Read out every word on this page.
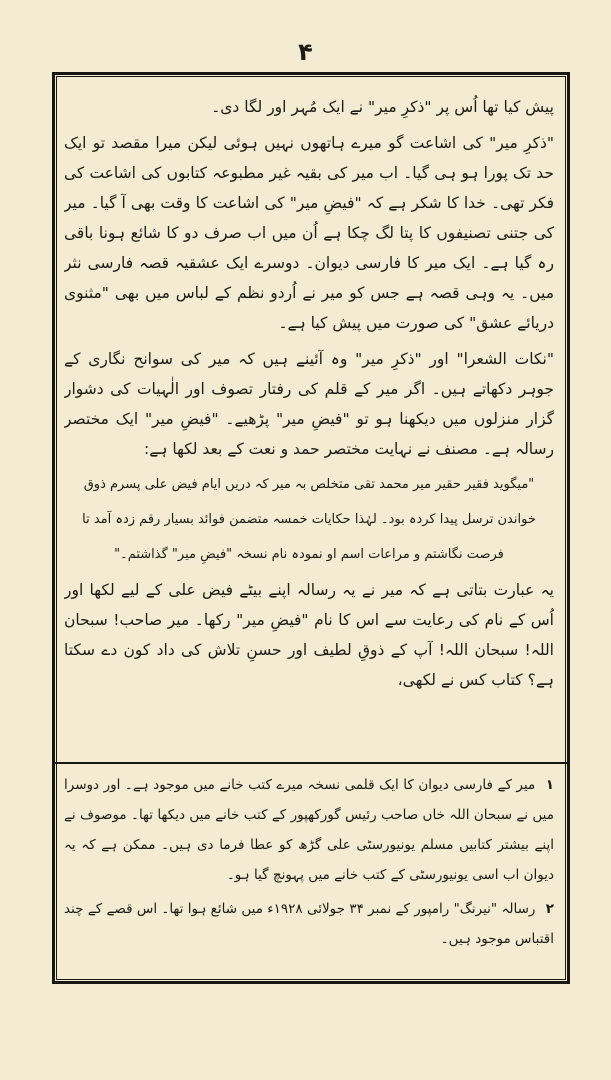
۴

پیش کیا تھا اُس پر "ذکرِ میر" نے ایک مُہر اور لگا دی۔

"ذکرِ میر" کی اشاعت گو میرے ہاتھوں نہیں ہوئی لیکن میرا مقصد تو ایک حد تک پورا ہو ہی گیا۔ اب میر کی بقیہ غیر مطبوعہ کتابوں کی اشاعت کی فکر تھی۔ خدا کا شکر ہے کہ "فیضِ میر" کی اشاعت کا وقت بھی آ گیا۔ میر کی جتنی تصنیفوں کا پتا لگ چکا ہے اُن میں اب صرف دو کا شائع ہونا باقی رہ گیا ہے۔ ایک میر کا فارسی دیوان۔ دوسرے ایک عشقیہ قصہ فارسی نثر میں۔ یہ وہی قصہ ہے جس کو میر نے اُردو نظم کے لباس میں بھی "مثنوی دریائے عشق" کی صورت میں پیش کیا ہے۔

"نکات الشعرا" اور "ذکرِ میر" وہ آئینے ہیں کہ میر کی سوانح نگاری کے جوہر دکھاتے ہیں۔ اگر میر کے قلم کی رفتار تصوف اور الٰہیات کی دشوار گزار منزلوں میں دیکھنا ہو تو "فیضِ میر" پڑھیے۔ "فیضِ میر" ایک مختصر رسالہ ہے۔ مصنف نے نہایت مختصر حمد و نعت کے بعد لکھا ہے:

"میگوید فقیر حقیر میر محمد تقی متخلص بہ میر کہ دریں ایام فیض علی پسرم ذوق

خواندن ترسل پیدا کردہ بود۔ لہٰذا حکایات خمسہ متضمن فوائد بسیار رقم زدہ آمد تا

فرصت نگاشتم و مراعات اسم او نمودہ نام نسخہ "فیضِ میر" گذاشتم۔"

یہ عبارت بتاتی ہے کہ میر نے یہ رسالہ اپنے بیٹے فیض علی کے لیے لکھا اور اُس کے نام کی رعایت سے اس کا نام "فیضِ میر" رکھا۔ میر صاحب! سبحان اللہ! سبحان اللہ! آپ کے ذوقِ لطیف اور حسنِ تلاش کی داد کون دے سکتا ہے؟ کتاب کس نے لکھی،

۱ میر کے فارسی دیوان کا ایک قلمی نسخہ میرے کتب خانے میں موجود ہے۔ اور دوسرا میں نے سبحان اللہ خاں صاحب رئیس گورکھپور کے کتب خانے میں دیکھا تھا۔ موصوف نے اپنے بیشتر کتابیں مسلم یونیورسٹی علی گڑھ کو عطا فرما دی ہیں۔ ممکن ہے کہ یہ دیوان اب اسی یونیورسٹی کے کتب خانے میں پہونچ گیا ہو۔

۲ رسالہ "نیرنگ" رامپور کے نمبر ۳۴ جولائی ۱۹۲۸ء میں شائع ہوا تھا۔ اس قصے کے چند اقتباس موجود ہیں۔
